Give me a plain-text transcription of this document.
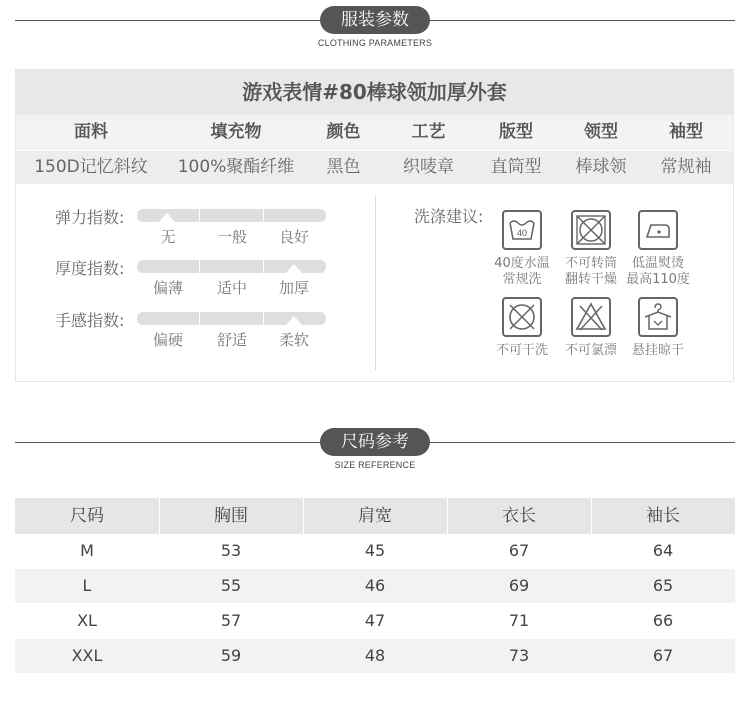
服装参数
CLOTHING PARAMETERS
游戏表情#80棒球领加厚外套
面料	填充物	颜色	工艺	版型	领型	袖型
150D记忆斜纹	100%聚酯纤维	黑色	织唛章	直筒型	棒球领	常规袖
弹力指数:
无	一般	良好
厚度指数:
偏薄	适中	加厚
手感指数:
偏硬	舒适	柔软
洗涤建议:
40
40度水温
常规洗
不可转筒
翻转干燥
低温熨烫
最高110度
不可干洗	不可氯漂	悬挂晾干
尺码参考
SIZE REFERENCE
尺码	胸围	肩宽	衣长	袖长
M	53	45	67	64
L	55	46	69	65
XL	57	47	71	66
XXL	59	48	73	67
